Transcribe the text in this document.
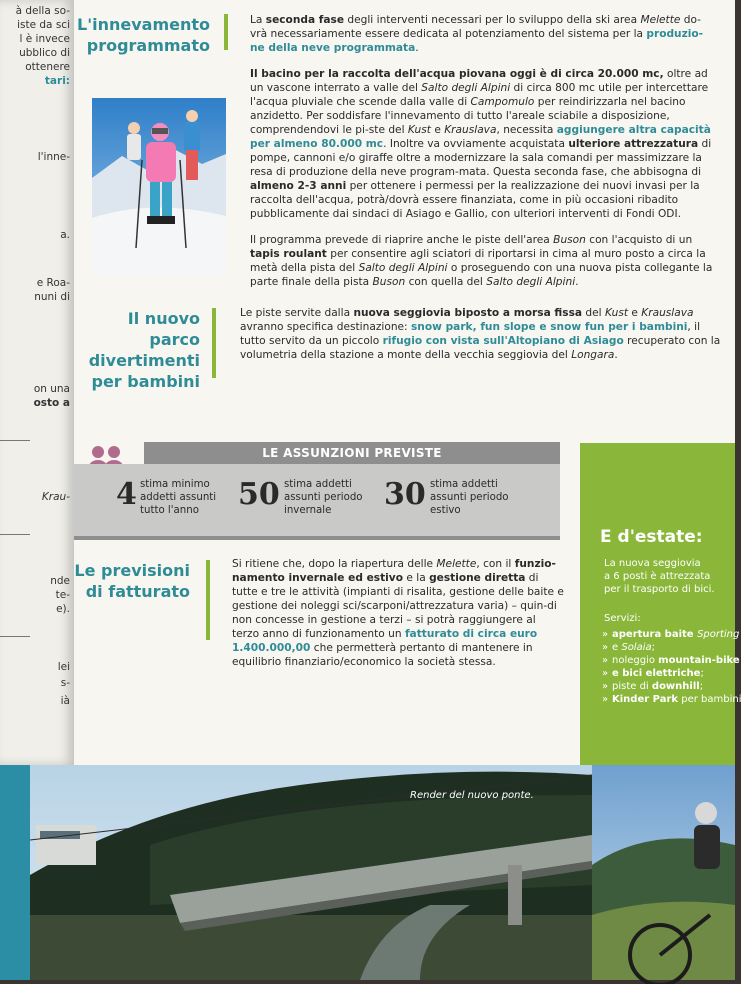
à della so-
iste da sci
l è invece
ubblico di
ottenere
tari:
l'inne-
a.
e Roa-
nuni di
on una
osto a
Krau-
nde
te-
e).
lei
s-
ià
L'innevamento
programmato

La seconda fase degli interventi necessari per lo sviluppo della ski area Melette do-vrà necessariamente essere dedicata al potenziamento del sistema per la produzio-ne della neve programmata.

Il bacino per la raccolta dell'acqua piovana oggi è di circa 20.000 mc, oltre ad un vascone interrato a valle del Salto degli Alpini di circa 800 mc utile per intercettare l'acqua pluviale che scende dalla valle di Campomulo per reindirizzarla nel bacino anzidetto. Per soddisfare l'innevamento di tutto l'areale sciabile a disposizione, comprendendovi le pi-ste del Kust e Krauslava, necessita aggiungere altra capacità per almeno 80.000 mc. Inoltre va ovviamente acquistata ulteriore attrezzatura di pompe, cannoni e/o giraffe oltre a modernizzare la sala comandi per massimizzare la resa di produzione della neve program-mata. Questa seconda fase, che abbisogna di almeno 2-3 anni per ottenere i permessi per la realizzazione dei nuovi invasi per la raccolta dell'acqua, potrà/dovrà essere finanziata, come in più occasioni ribadito pubblicamente dai sindaci di Asiago e Gallio, con ulteriori interventi di Fondi ODI.

Il programma prevede di riaprire anche le piste dell'area Buson con l'acquisto di un tapis roulant per consentire agli sciatori di riportarsi in cima al muro posto a circa la metà della pista del Salto degli Alpini o proseguendo con una nuova pista collegante la parte finale della pista Buson con quella del Salto degli Alpini.

Il nuovo parco
divertimenti
per bambini

Le piste servite dalla nuova seggiovia biposto a morsa fissa del Kust e Krauslava avranno specifica destinazione: snow park, fun slope e snow fun per i bambini, il tutto servito da un piccolo rifugio con vista sull'Altopiano di Asiago recuperato con la volumetria della stazione a monte della vecchia seggiovia del Longara.

LE ASSUNZIONI PREVISTE
4 stima minimo
addetti assunti
tutto l'anno	50 stima addetti
assunti periodo
invernale	30 stima addetti
assunti periodo
estivo
Le previsioni
di fatturato

Si ritiene che, dopo la riapertura delle Melette, con il funzio-namento invernale ed estivo e la gestione diretta di tutte e tre le attività (impianti di risalita, gestione delle baite e gestione dei noleggi sci/scarponi/attrezzatura varia) – quin-di non concesse in gestione a terzi – si potrà raggiungere al terzo anno di funzionamento un fatturato di circa euro 1.400.000,00 che permetterà pertanto di mantenere in equilibrio finanziario/economico la società stessa.

E d'estate:
La nuova seggiovia
a 6 posti è attrezzata
per il trasporto di bici.
Servizi:
» apertura baite Sporting
» e Solaia;
» noleggio mountain-bike
» e bici elettriche;
» piste di downhill;
» Kinder Park per bambini
Render del nuovo ponte.
